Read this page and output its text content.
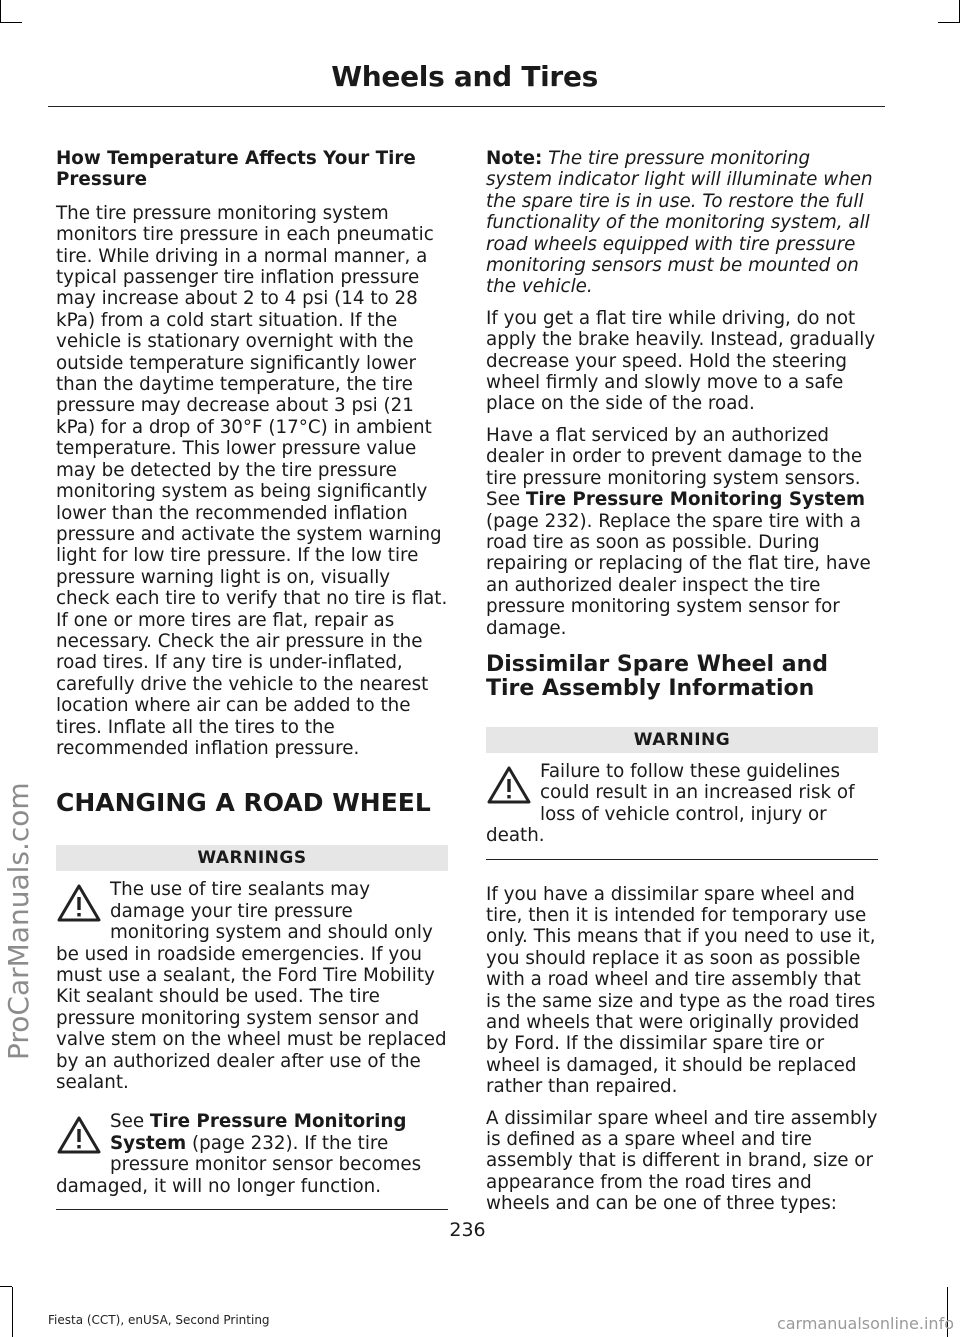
Wheels and Tires

How Temperature Affects Your Tire Pressure

The tire pressure monitoring system monitors tire pressure in each pneumatic tire. While driving in a normal manner, a typical passenger tire inflation pressure may increase about 2 to 4 psi (14 to 28 kPa) from a cold start situation. If the vehicle is stationary overnight with the outside temperature significantly lower than the daytime temperature, the tire pressure may decrease about 3 psi (21 kPa) for a drop of 30°F (17°C) in ambient temperature. This lower pressure value may be detected by the tire pressure monitoring system as being significantly lower than the recommended inflation pressure and activate the system warning light for low tire pressure. If the low tire pressure warning light is on, visually check each tire to verify that no tire is flat. If one or more tires are flat, repair as necessary. Check the air pressure in the road tires. If any tire is under-inflated, carefully drive the vehicle to the nearest location where air can be added to the tires. Inflate all the tires to the recommended inflation pressure.

CHANGING A ROAD WHEEL
WARNINGS
The use of tire sealants may damage your tire pressure monitoring system and should only be used in roadside emergencies. If you must use a sealant, the Ford Tire Mobility Kit sealant should be used. The tire pressure monitoring system sensor and valve stem on the wheel must be replaced by an authorized dealer after use of the sealant.
See Tire Pressure Monitoring System (page 232). If the tire pressure monitor sensor becomes damaged, it will no longer function.

Note: The tire pressure monitoring system indicator light will illuminate when the spare tire is in use. To restore the full functionality of the monitoring system, all road wheels equipped with tire pressure monitoring sensors must be mounted on the vehicle.

If you get a flat tire while driving, do not apply the brake heavily. Instead, gradually decrease your speed. Hold the steering wheel firmly and slowly move to a safe place on the side of the road.

Have a flat serviced by an authorized dealer in order to prevent damage to the tire pressure monitoring system sensors. See Tire Pressure Monitoring System (page 232). Replace the spare tire with a road tire as soon as possible. During repairing or replacing of the flat tire, have an authorized dealer inspect the tire pressure monitoring system sensor for damage.

Dissimilar Spare Wheel and Tire Assembly Information
WARNING
Failure to follow these guidelines could result in an increased risk of loss of vehicle control, injury or death.

If you have a dissimilar spare wheel and tire, then it is intended for temporary use only. This means that if you need to use it, you should replace it as soon as possible with a road wheel and tire assembly that is the same size and type as the road tires and wheels that were originally provided by Ford. If the dissimilar spare tire or wheel is damaged, it should be replaced rather than repaired.

A dissimilar spare wheel and tire assembly is defined as a spare wheel and tire assembly that is different in brand, size or appearance from the road tires and wheels and can be one of three types:

236
Fiesta (CCT), enUSA, Second Printing
ProCarManuals.com
carmanualsonline.info
